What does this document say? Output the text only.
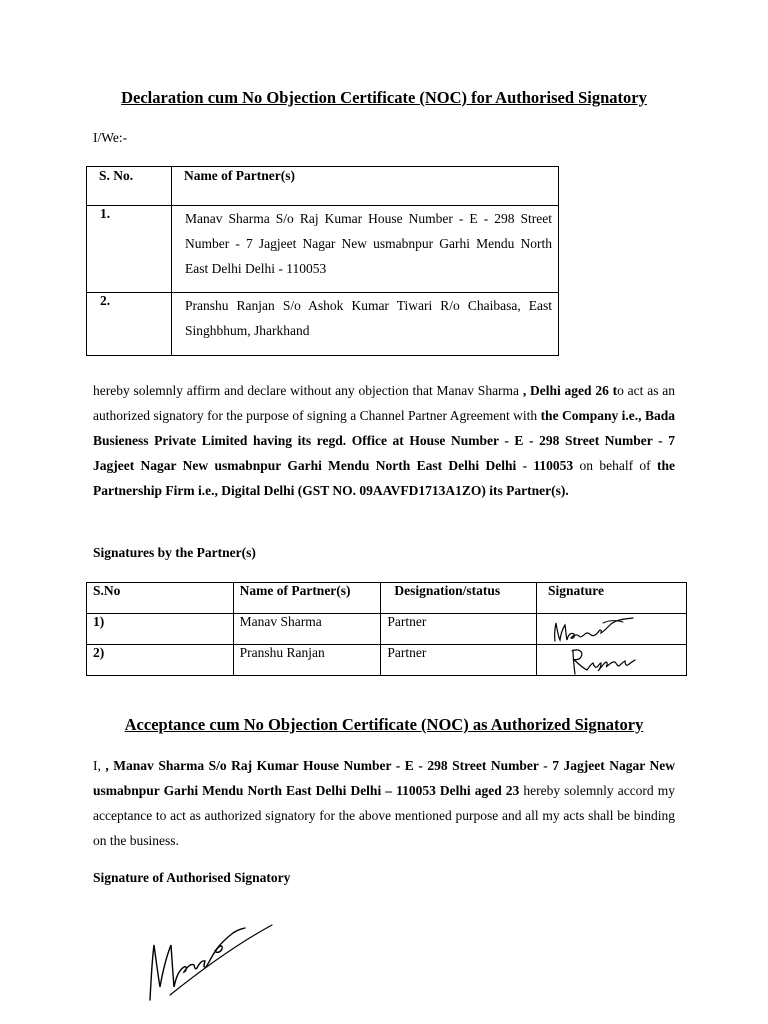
Declaration cum No Objection Certificate (NOC) for Authorised Signatory
I/We:-
S. No.	Name of Partner(s)
1.	Manav Sharma S/o Raj Kumar House Number - E - 298 Street Number - 7 Jagjeet Nagar New usmabnpur Garhi Mendu North East Delhi Delhi - 110053
2.	Pranshu Ranjan S/o Ashok Kumar Tiwari R/o Chaibasa, East Singhbhum, Jharkhand
hereby solemnly affirm and declare without any objection that Manav Sharma , Delhi aged 26 to act as an authorized signatory for the purpose of signing a Channel Partner Agreement with the Company i.e., Bada Busieness Private Limited having its regd. Office at House Number - E - 298 Street Number - 7 Jagjeet Nagar New usmabnpur Garhi Mendu North East Delhi Delhi - 110053 on behalf of the Partnership Firm i.e., Digital Delhi (GST NO. 09AAVFD1713A1ZO) its Partner(s).
Signatures by the Partner(s)
S.No	Name of Partner(s)	Designation/status	Signature
1)	Manav Sharma	Partner	

2)	Pranshu Ranjan	Partner	
Acceptance cum No Objection Certificate (NOC) as Authorized Signatory
I, , Manav Sharma S/o Raj Kumar House Number - E - 298 Street Number - 7 Jagjeet Nagar New usmabnpur Garhi Mendu North East Delhi Delhi – 110053 Delhi aged 23 hereby solemnly accord my acceptance to act as authorized signatory for the above mentioned purpose and all my acts shall be binding on the business.
Signature of Authorised Signatory
